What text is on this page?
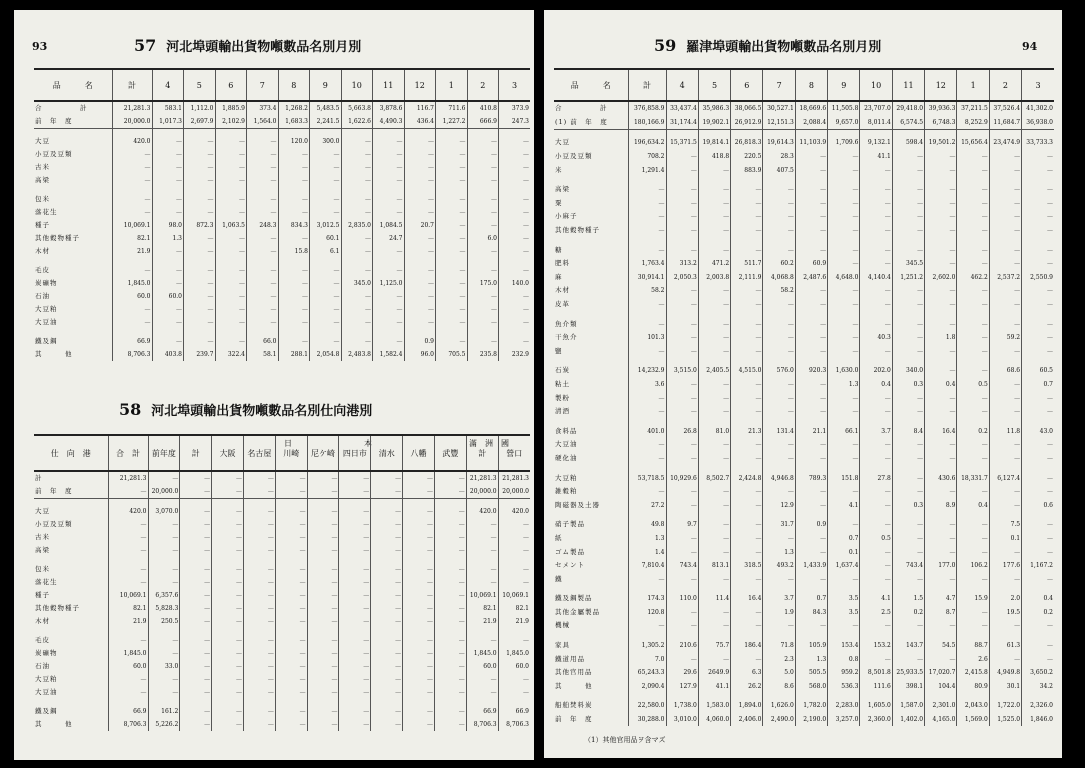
93	57 河北埠頭輸出貨物噸數品名別月別
品　　　名	計	4	5	6	7	8	9	10	11	12	1	2	3
合　　　　　計	21,281.3	583.1	1,112.0	1,885.9	373.4	1,268.2	5,483.5	5,663.8	3,878.6	116.7	711.6	410.8	373.9
前　年　度	20,000.0	1,017.3	2,697.9	2,102.9	1,564.0	1,683.3	2,241.5	1,622.6	4,490.3	436.4	1,227.2	666.9	247.3
大豆	420.0	—	—	—	—	120.0	300.0	—	—	—	—	—	—
小豆及豆類	—	—	—	—	—	—	—	—	—	—	—	—	—
古米	—	—	—	—	—	—	—	—	—	—	—	—	—
高梁	—	—	—	—	—	—	—	—	—	—	—	—	—
包米	—	—	—	—	—	—	—	—	—	—	—	—	—
落花生	—	—	—	—	—	—	—	—	—	—	—	—	—
種子	10,069.1	98.0	872.3	1,063.5	248.3	834.3	3,012.5	2,835.0	1,084.5	20.7	—	—	—
其他穀物種子	82.1	1.3	—	—	—	—	60.1	—	24.7	—	—	6.0	—
木材	21.9	—	—	—	—	15.8	6.1	—	—	—	—	—	—
毛皮	—	—	—	—	—	—	—	—	—	—	—	—	—
炭礦物	1,845.0	—	—	—	—	—	—	345.0	1,125.0	—	—	175.0	140.0
石油	60.0	60.0	—	—	—	—	—	—	—	—	—	—	—
大豆粕	—	—	—	—	—	—	—	—	—	—	—	—	—
大豆油	—	—	—	—	—	—	—	—	—	—	—	—	—
鐵及鋼	66.9	—	—	—	66.0	—	—	—	—	0.9	—	—	—
其　　　他	8,706.3	403.8	239.7	322.4	58.1	288.1	2,054.8	2,483.8	1,582.4	96.0	705.5	235.8	232.9
58 河北埠頭輸出貨物噸數品名別仕向港別
日　　　　　　　　　本	滿　洲　國
仕　向　港	合　計	前年度	計	大阪	名古屋	川崎	尼ケ崎	四日市	清水	八幡	武豐	計	營口
計	21,281.3	—	—	—	—	—	—	—	—	—	—	21,281.3	21,281.3
前　年　度	—	20,000.0	—	—	—	—	—	—	—	—	—	20,000.0	20,000.0
大豆	420.0	3,070.0	—	—	—	—	—	—	—	—	—	420.0	420.0
小豆及豆類	—	—	—	—	—	—	—	—	—	—	—	—	—
古米	—	—	—	—	—	—	—	—	—	—	—	—	—
高梁	—	—	—	—	—	—	—	—	—	—	—	—	—
包米	—	—	—	—	—	—	—	—	—	—	—	—	—
落花生	—	—	—	—	—	—	—	—	—	—	—	—	—
種子	10,069.1	6,357.6	—	—	—	—	—	—	—	—	—	10,069.1	10,069.1
其他穀物種子	82.1	5,828.3	—	—	—	—	—	—	—	—	—	82.1	82.1
木材	21.9	250.5	—	—	—	—	—	—	—	—	—	21.9	21.9
毛皮	—	—	—	—	—	—	—	—	—	—	—	—	—
炭礦物	1,845.0	—	—	—	—	—	—	—	—	—	—	1,845.0	1,845.0
石油	60.0	33.0	—	—	—	—	—	—	—	—	—	60.0	60.0
大豆粕	—	—	—	—	—	—	—	—	—	—	—	—	—
大豆油	—	—	—	—	—	—	—	—	—	—	—	—	—
鐵及鋼	66.9	161.2	—	—	—	—	—	—	—	—	—	66.9	66.9
其　　　他	8,706.3	5,226.2	—	—	—	—	—	—	—	—	—	8,706.3	8,706.3
59 羅津埠頭輸出貨物噸數品名別月別	94
品　　　名	計	4	5	6	7	8	9	10	11	12	1	2	3
合　　　　　計	376,858.9	33,437.4	35,986.3	38,066.5	30,527.1	18,669.6	11,505.8	23,707.0	29,418.0	39,936.3	37,211.5	37,526.4	41,302.0
(1) 前　年　度	180,166.9	31,174.4	19,902.1	26,912.9	12,151.3	2,088.4	9,657.0	8,011.4	6,574.5	6,748.3	8,252.9	11,684.7	36,938.0
大豆	196,634.2	15,371.5	19,814.1	26,818.3	19,614.3	11,103.9	1,709.6	9,132.1	598.4	19,501.2	15,656.4	23,474.9	33,733.3
小豆及豆類	708.2	—	418.8	220.5	28.3	—	—	41.1	—	—	—	—	—
米	1,291.4	—	—	883.9	407.5	—	—	—	—	—	—	—	—
高梁	—	—	—	—	—	—	—	—	—	—	—	—	—
粟	—	—	—	—	—	—	—	—	—	—	—	—	—
小麻子	—	—	—	—	—	—	—	—	—	—	—	—	—
其他穀物種子	—	—	—	—	—	—	—	—	—	—	—	—	—
糖	—	—	—	—	—	—	—	—	—	—	—	—	—
肥料	1,763.4	313.2	471.2	511.7	60.2	60.9	—	—	345.5	—	—	—	—
麻	30,914.1	2,050.3	2,003.8	2,111.9	4,068.8	2,487.6	4,648.0	4,140.4	1,251.2	2,602.0	462.2	2,537.2	2,550.9
木材	58.2	—	—	—	58.2	—	—	—	—	—	—	—	—
皮革	—	—	—	—	—	—	—	—	—	—	—	—	—
魚介類	—	—	—	—	—	—	—	—	—	—	—	—	—
干魚介	101.3	—	—	—	—	—	—	40.3	—	1.8	—	59.2	—
鹽	—	—	—	—	—	—	—	—	—	—	—	—	—
石炭	14,232.9	3,515.0	2,405.5	4,515.0	576.0	920.3	1,630.0	202.0	340.0	—	—	68.6	60.5
粘土	3.6	—	—	—	—	—	1.3	0.4	0.3	0.4	0.5	—	0.7
製粉	—	—	—	—	—	—	—	—	—	—	—	—	—
清酒	—	—	—	—	—	—	—	—	—	—	—	—	—
食料品	401.0	26.8	81.0	21.3	131.4	21.1	66.1	3.7	8.4	16.4	0.2	11.8	43.0
大豆油	—	—	—	—	—	—	—	—	—	—	—	—	—
硬化油	—	—	—	—	—	—	—	—	—	—	—	—	—
大豆粕	53,718.5	10,929.6	8,502.7	2,424.8	4,946.8	789.3	151.8	27.8	—	430.6	18,331.7	6,127.4	—
雑穀粕	—	—	—	—	—	—	—	—	—	—	—	—	—
陶磁器及土器	27.2	—	—	—	12.9	—	4.1	—	0.3	8.9	0.4	—	0.6
硝子製品	49.8	9.7	—	—	31.7	0.9	—	—	—	—	—	7.5	—
紙	1.3	—	—	—	—	—	0.7	0.5	—	—	—	0.1	—
ゴム製品	1.4	—	—	—	1.3	—	0.1	—	—	—	—	—	—
セメント	7,810.4	743.4	813.1	318.5	493.2	1,433.9	1,637.4	—	743.4	177.0	106.2	177.6	1,167.2
鐵	—	—	—	—	—	—	—	—	—	—	—	—	—
鐵及鋼製品	174.3	110.0	11.4	16.4	3.7	0.7	3.5	4.1	1.5	4.7	15.9	2.0	0.4
其他金屬製品	120.8	—	—	—	1.9	84.3	3.5	2.5	0.2	8.7	—	19.5	0.2
機械	—	—	—	—	—	—	—	—	—	—	—	—	—
家具	1,305.2	210.6	75.7	186.4	71.8	105.9	153.4	153.2	143.7	54.5	88.7	61.3	—
鐵道用品	7.0	—	—	—	2.3	1.3	0.8	—	—	—	2.6	—	—
其他官用品	65,243.3	29.6	2649.9	6.3	5.0	505.5	959.2	8,501.8	25,933.5	17,020.7	2,415.8	4,949.8	3,650.2
其　　　他	2,090.4	127.9	41.1	26.2	8.6	568.0	536.3	111.6	398.1	104.4	80.9	30.1	34.2
船舶焚料炭	22,580.0	1,738.0	1,583.0	1,894.0	1,626.0	1,782.0	2,283.0	1,605.0	1,587.0	2,301.0	2,043.0	1,722.0	2,326.0
前　年　度	30,288.0	3,010.0	4,060.0	2,406.0	2,490.0	2,190.0	3,257.0	2,360.0	1,402.0	4,165.0	1,569.0	1,525.0	1,846.0
（1）其他官用品ヲ含マズ
